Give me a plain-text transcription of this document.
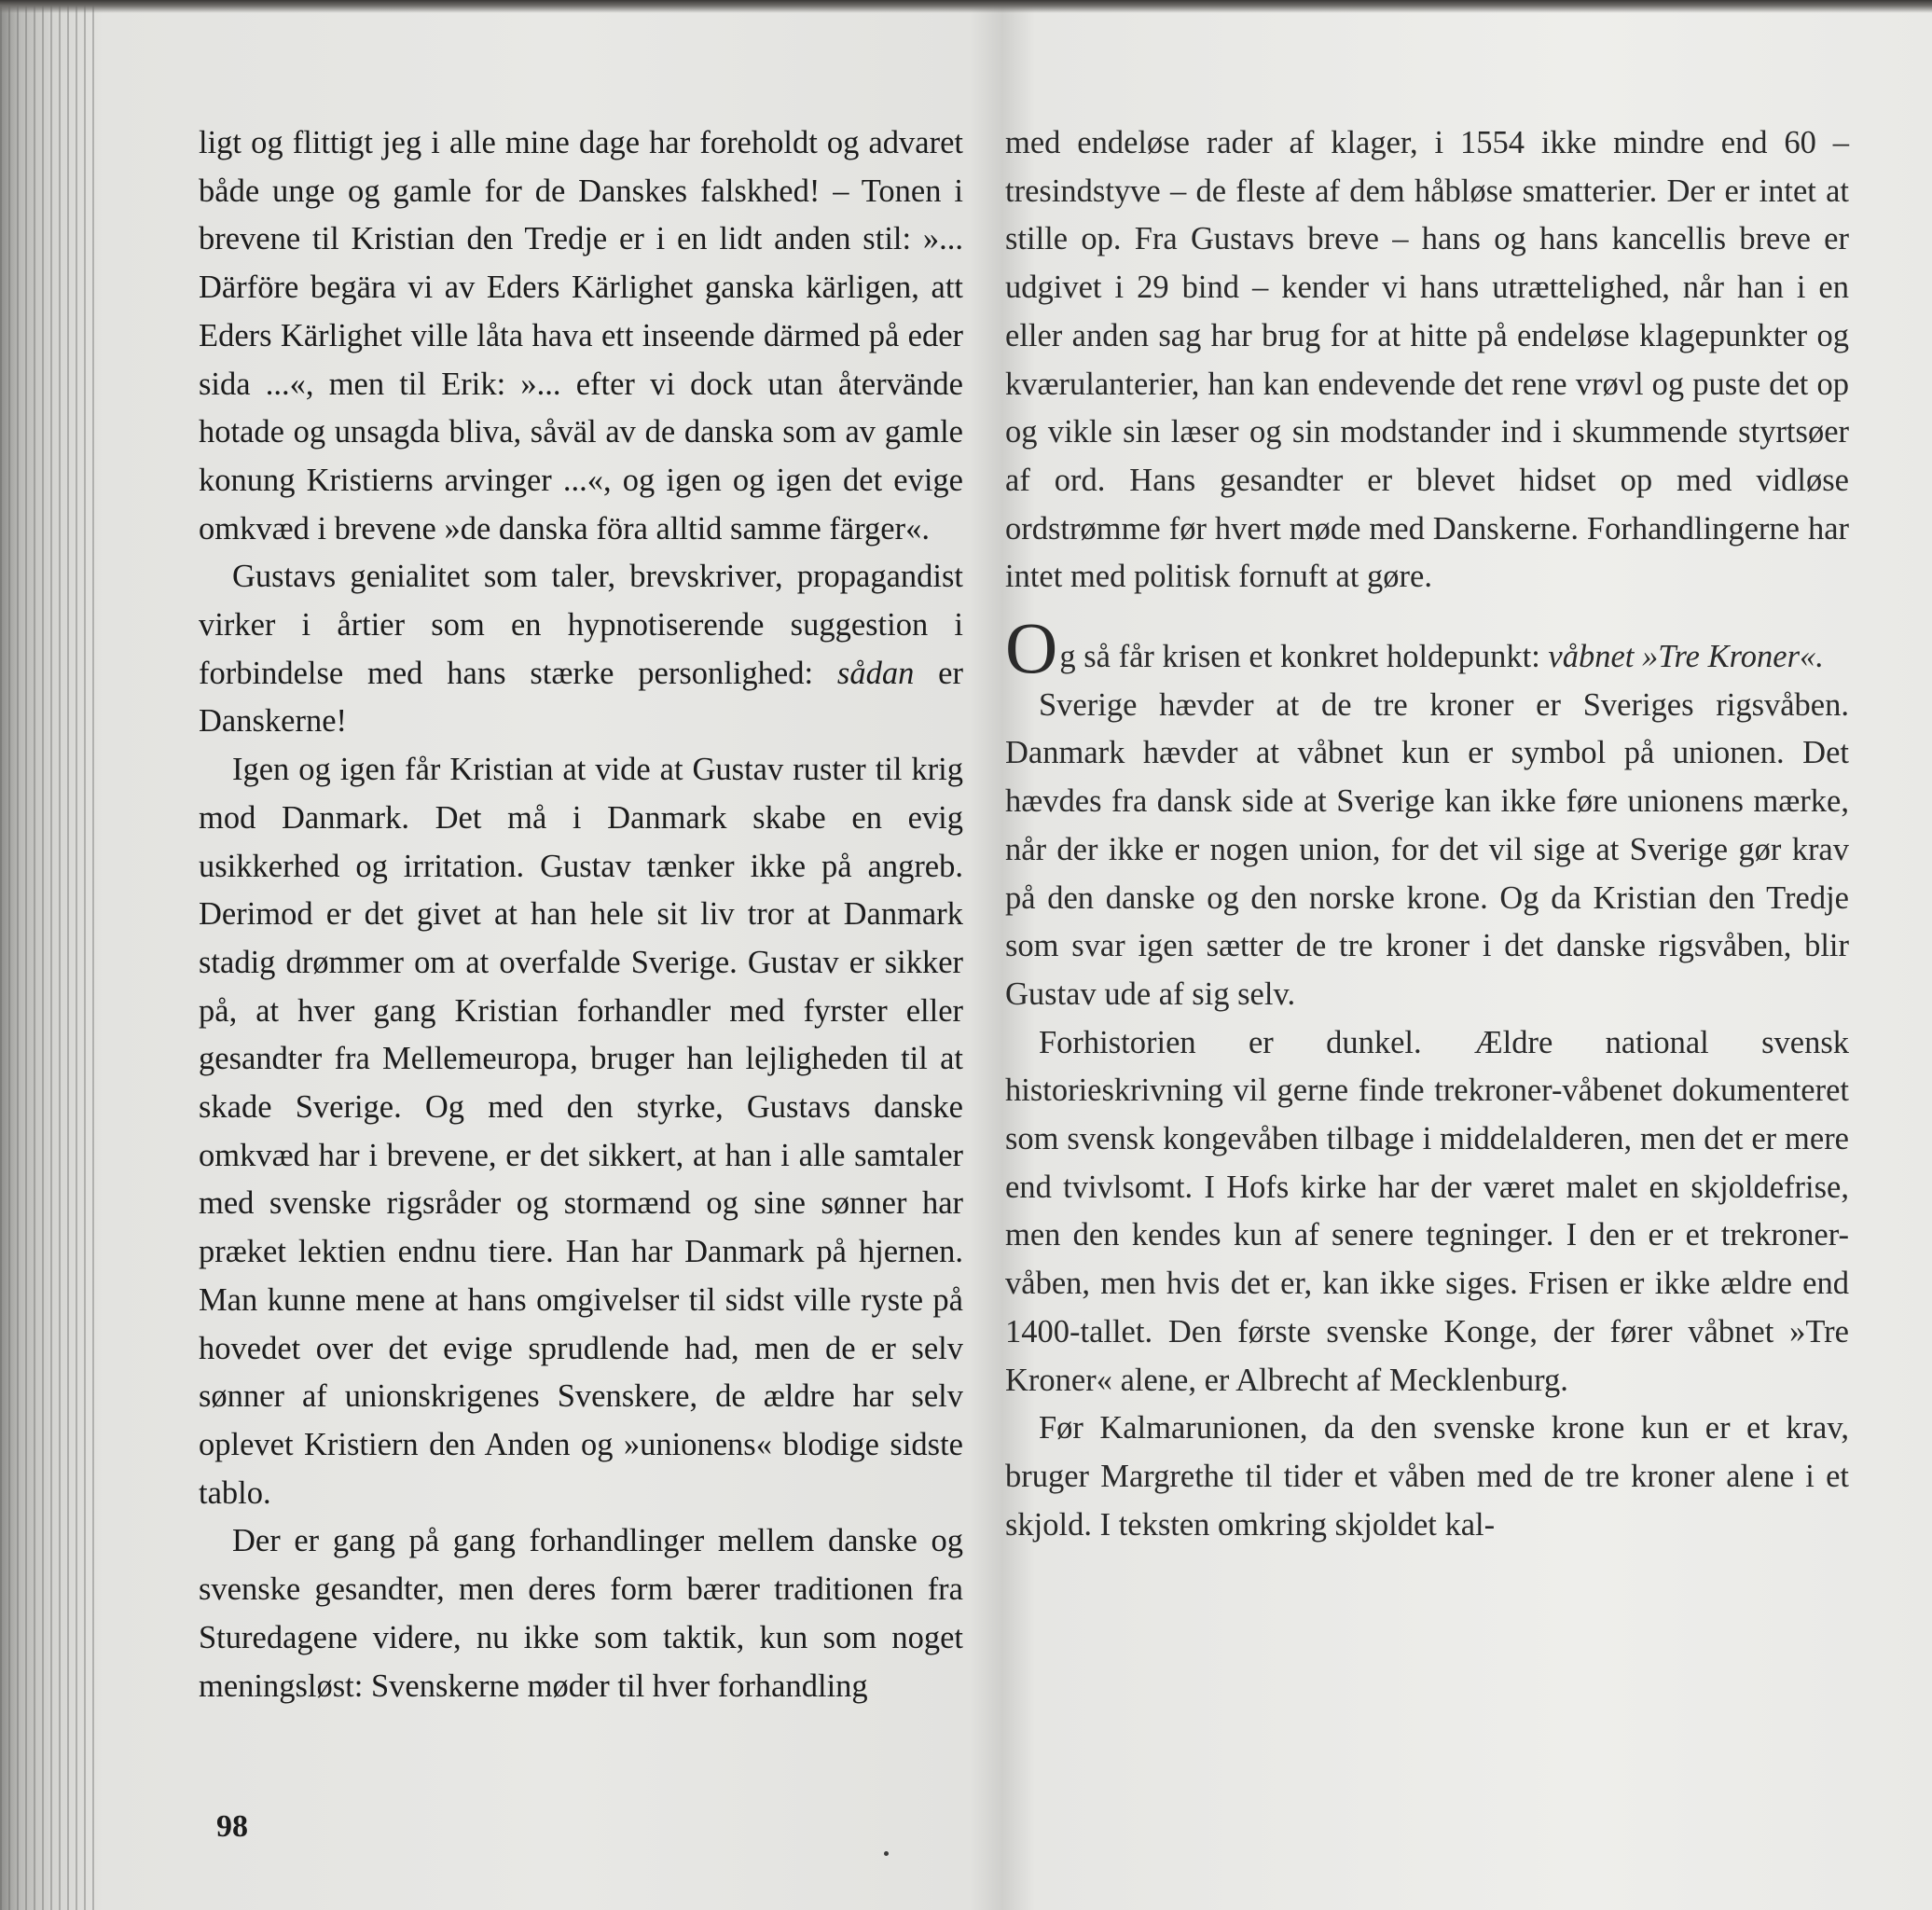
ligt og flittigt jeg i alle mine dage har foreholdt og advaret både unge og gamle for de Danskes falskhed! – Tonen i brevene til Kristian den Tredje er i en lidt anden stil: »... Därföre begära vi av Eders Kärlighet ganska kärligen, att Eders Kärlighet ville låta hava ett inseende därmed på eder sida ...«, men til Erik: »... efter vi dock utan återvände hotade og unsagda bliva, såväl av de danska som av gamle konung Kristierns arvinger ...«, og igen og igen det evige omkvæd i brevene »de danska föra alltid samme färger«.

Gustavs genialitet som taler, brevskriver, propagandist virker i årtier som en hypnotiserende suggestion i forbindelse med hans stærke personlighed: sådan er Danskerne!

Igen og igen får Kristian at vide at Gustav ruster til krig mod Danmark. Det må i Danmark skabe en evig usikkerhed og irritation. Gustav tænker ikke på angreb. Derimod er det givet at han hele sit liv tror at Danmark stadig drømmer om at overfalde Sverige. Gustav er sikker på, at hver gang Kristian forhandler med fyrster eller gesandter fra Mellemeuropa, bruger han lejligheden til at skade Sverige. Og med den styrke, Gustavs danske omkvæd har i brevene, er det sikkert, at han i alle samtaler med svenske rigsråder og stormænd og sine sønner har præket lektien endnu tiere. Han har Danmark på hjernen. Man kunne mene at hans omgivelser til sidst ville ryste på hovedet over det evige sprudlende had, men de er selv sønner af unionskrigenes Svenskere, de ældre har selv oplevet Kristiern den Anden og »unionens« blodige sidste tablo.

Der er gang på gang forhandlinger mellem danske og svenske gesandter, men deres form bærer traditionen fra Sturedagene videre, nu ikke som taktik, kun som noget meningsløst: Svenskerne møder til hver forhandling

98

med endeløse rader af klager, i 1554 ikke mindre end 60 – tresindstyve – de fleste af dem håbløse smatterier. Der er intet at stille op. Fra Gustavs breve – hans og hans kancellis breve er udgivet i 29 bind – kender vi hans utrættelighed, når han i en eller anden sag har brug for at hitte på endeløse klagepunkter og kværulanterier, han kan endevende det rene vrøvl og puste det op og vikle sin læser og sin modstander ind i skummende styrtsøer af ord. Hans gesandter er blevet hidset op med vidløse ordstrømme før hvert møde med Danskerne. Forhandlingerne har intet med politisk fornuft at gøre.

Og så får krisen et konkret holdepunkt: våbnet »Tre Kroner«.

Sverige hævder at de tre kroner er Sveriges rigsvåben. Danmark hævder at våbnet kun er symbol på unionen. Det hævdes fra dansk side at Sverige kan ikke føre unionens mærke, når der ikke er nogen union, for det vil sige at Sverige gør krav på den danske og den norske krone. Og da Kristian den Tredje som svar igen sætter de tre kroner i det danske rigsvåben, blir Gustav ude af sig selv.

Forhistorien er dunkel. Ældre national svensk historieskrivning vil gerne finde trekroner-våbenet dokumenteret som svensk kongevåben tilbage i middelalderen, men det er mere end tvivlsomt. I Hofs kirke har der været malet en skjoldefrise, men den kendes kun af senere tegninger. I den er et trekroner-våben, men hvis det er, kan ikke siges. Frisen er ikke ældre end 1400-tallet. Den første svenske Konge, der fører våbnet »Tre Kroner« alene, er Albrecht af Mecklenburg.

Før Kalmarunionen, da den svenske krone kun er et krav, bruger Margrethe til tider et våben med de tre kroner alene i et skjold. I teksten omkring skjoldet kal-
